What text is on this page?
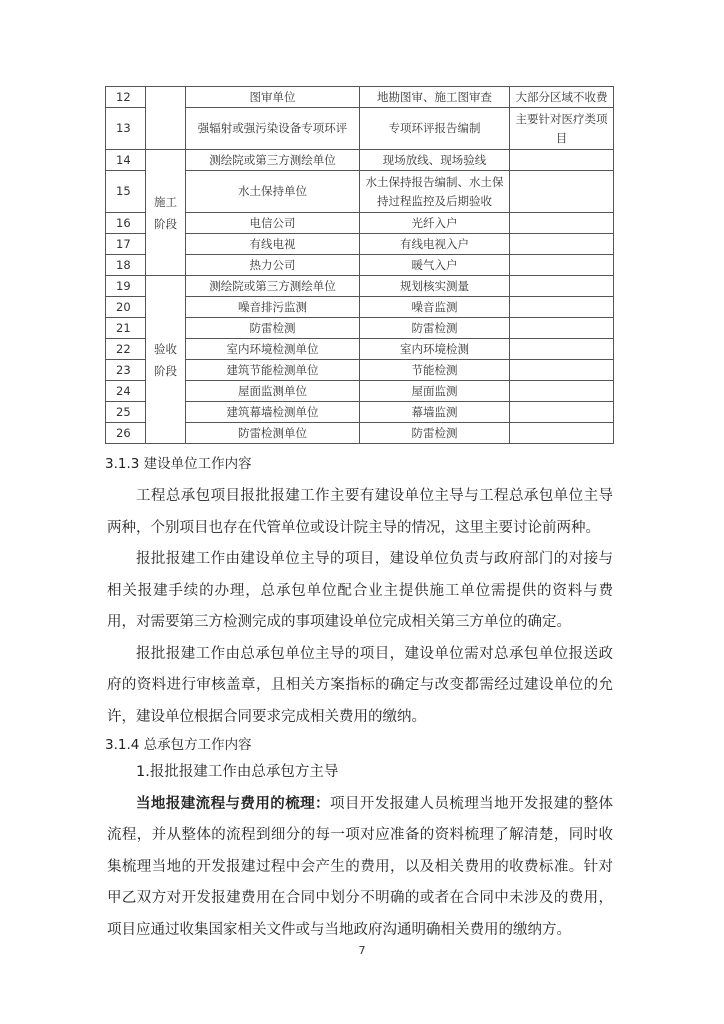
12		图审单位	地勘图审、施工图审查	大部分区域不收费
13		强辐射或强污染设备专项环评	专项环评报告编制	主要针对医疗类项目
14	施工阶段	测绘院或第三方测绘单位	现场放线、现场验线	
15		水土保持单位	水土保持报告编制、水土保持过程监控及后期验收	
16		电信公司	光纤入户	
17		有线电视	有线电视入户	
18		热力公司	暖气入户	
19	验收阶段	测绘院或第三方测绘单位	规划核实测量	
20		噪音排污监测	噪音监测	
21		防雷检测	防雷检测	
22		室内环境检测单位	室内环境检测	
23		建筑节能检测单位	节能检测	
24		屋面监测单位	屋面监测	
25		建筑幕墙检测单位	幕墙监测	
26		防雷检测单位	防雷检测	
3.1.3 建设单位工作内容

工程总承包项目报批报建工作主要有建设单位主导与工程总承包单位主导两种，个别项目也存在代管单位或设计院主导的情况，这里主要讨论前两种。

报批报建工作由建设单位主导的项目，建设单位负责与政府部门的对接与相关报建手续的办理，总承包单位配合业主提供施工单位需提供的资料与费用，对需要第三方检测完成的事项建设单位完成相关第三方单位的确定。

报批报建工作由总承包单位主导的项目，建设单位需对总承包单位报送政府的资料进行审核盖章，且相关方案指标的确定与改变都需经过建设单位的允许，建设单位根据合同要求完成相关费用的缴纳。

3.1.4 总承包方工作内容

1.报批报建工作由总承包方主导

当地报建流程与费用的梳理：项目开发报建人员梳理当地开发报建的整体流程，并从整体的流程到细分的每一项对应准备的资料梳理了解清楚，同时收集梳理当地的开发报建过程中会产生的费用，以及相关费用的收费标准。针对甲乙双方对开发报建费用在合同中划分不明确的或者在合同中未涉及的费用，项目应通过收集国家相关文件或与当地政府沟通明确相关费用的缴纳方。

7
